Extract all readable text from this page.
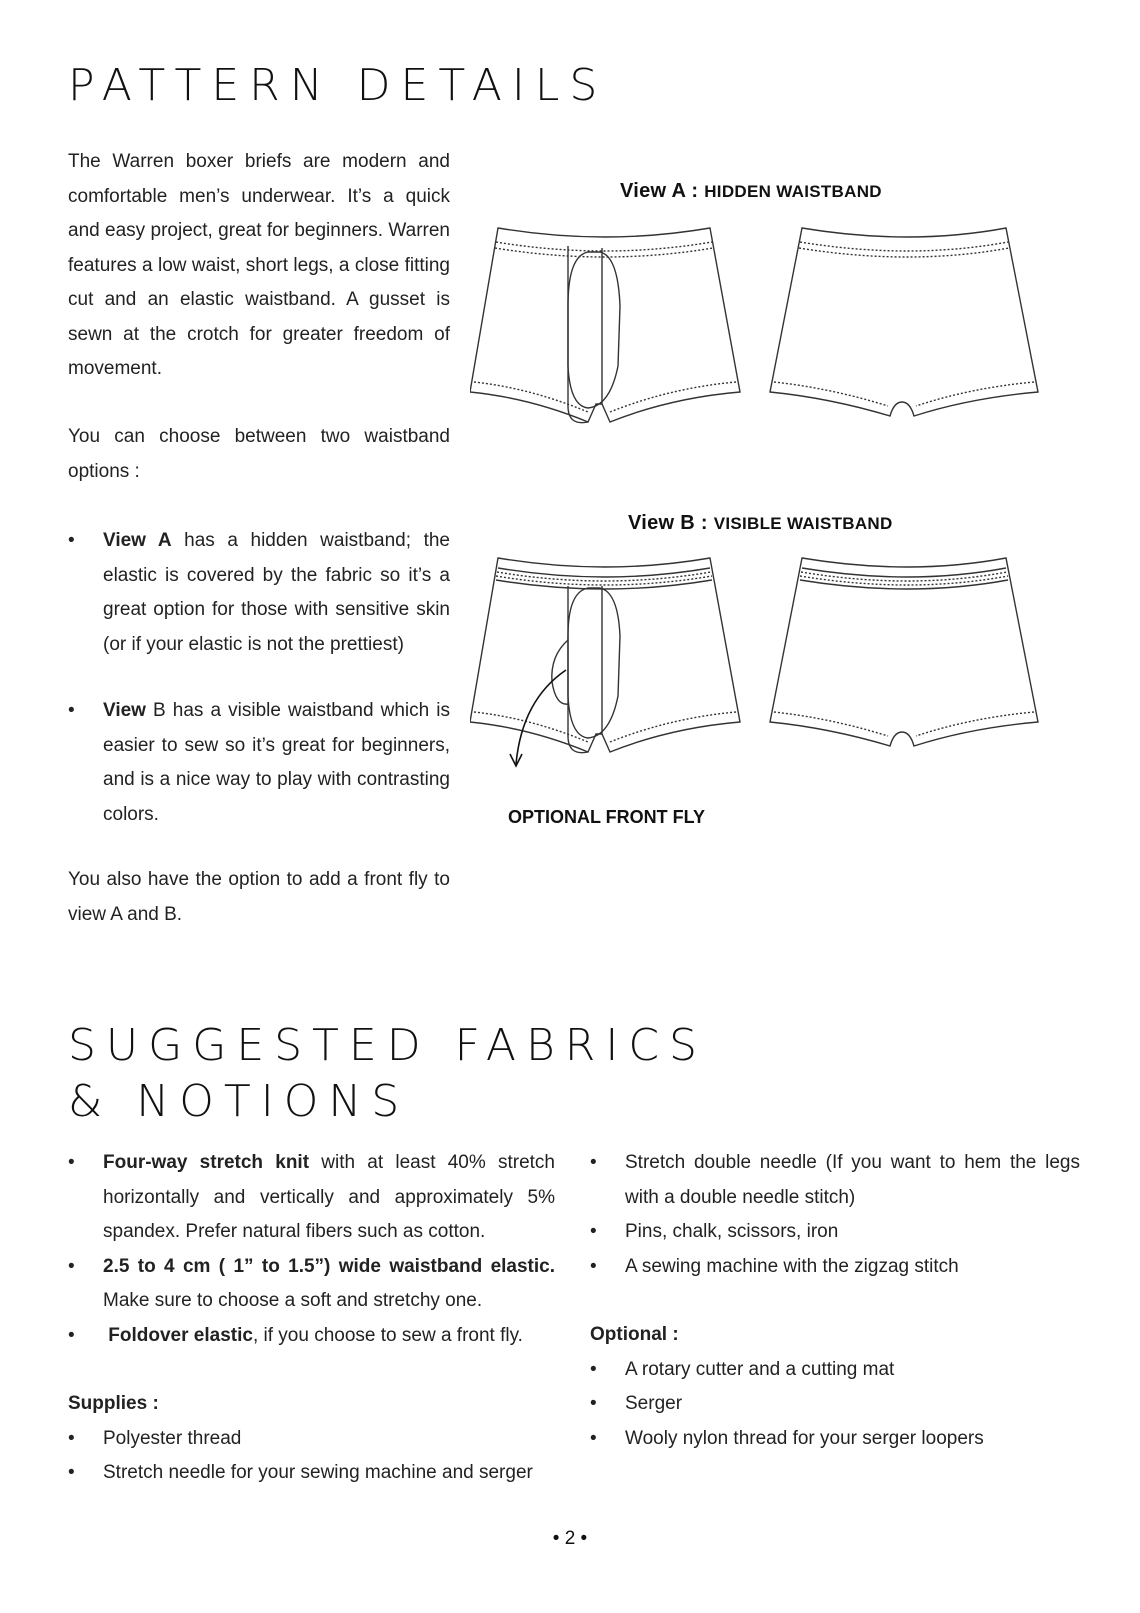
PATTERN DETAILS
The Warren boxer briefs are modern and comfortable men’s underwear. It’s a quick and easy project, great for beginners. Warren features a low waist, short legs, a close fitting cut and an elastic waistband. A gusset is sewn at the crotch for greater freedom of movement.
You can choose between two waistband options :
• View A has a hidden waistband; the elastic is covered by the fabric so it’s a great option for those with sensitive skin (or if your elastic is not the prettiest)
• View B has a visible waistband which is easier to sew so it’s great for beginners, and is a nice way to play with contrasting colors.
You also have the option to add a front fly to view A and B.
View A : HIDDEN WAISTBAND
View B : VISIBLE WAISTBAND
OPTIONAL FRONT FLY
SUGGESTED FABRICS
& NOTIONS
• Four-way stretch knit with at least 40% stretch horizontally and vertically and approximately 5% spandex. Prefer natural fibers such as cotton.
• 2.5 to 4 cm ( 1” to 1.5”) wide waistband elastic. Make sure to choose a soft and stretchy one.
• Foldover elastic, if you choose to sew a front fly.
Supplies :
• Polyester thread
• Stretch needle for your sewing machine and serger
• Stretch double needle (If you want to hem the legs with a double needle stitch)
• Pins, chalk, scissors, iron
• A sewing machine with the zigzag stitch
Optional :
• A rotary cutter and a cutting mat
• Serger
• Wooly nylon thread for your serger loopers
• 2 •
